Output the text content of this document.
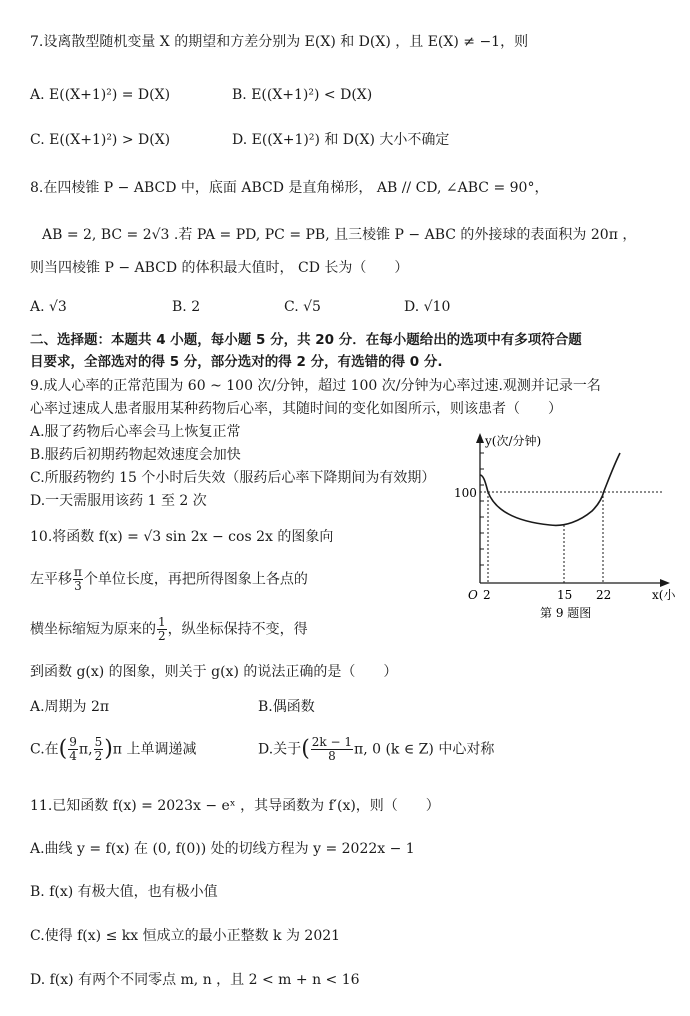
7.设离散型随机变量 X 的期望和方差分别为 E(X) 和 D(X) ，且 E(X) ≠ −1，则
A. E((X+1)²) = D(X)	B. E((X+1)²) < D(X)
C. E((X+1)²) > D(X)	D. E((X+1)²) 和 D(X) 大小不确定
8.在四棱锥 P − ABCD 中，底面 ABCD 是直角梯形， AB // CD, ∠ABC = 90°，
AB = 2, BC = 2√3 .若 PA = PD, PC = PB, 且三棱锥 P − ABC 的外接球的表面积为 20π ，
则当四棱锥 P − ABCD 的体积最大值时， CD 长为（　　）
A. √3	B. 2	C. √5	D. √10
二、选择题：本题共 4 小题，每小题 5 分，共 20 分．在每小题给出的选项中有多项符合题
目要求，全部选对的得 5 分，部分选对的得 2 分，有选错的得 0 分.
9.成人心率的正常范围为 60 ~ 100 次/分钟，超过 100 次/分钟为心率过速.观测并记录一名
心率过速成人患者服用某种药物后心率，其随时间的变化如图所示，则该患者（　　）
A.服了药物后心率会马上恢复正常
B.服药后初期药物起效速度会加快
C.所服药物约 15 个小时后失效（服药后心率下降期间为有效期）
D.一天需服用该药 1 至 2 次
y(次/分钟)
100
O 2	15 22	x(小
第 9 题图
10.将函数 f(x) = √3 sin 2x − cos 2x 的图象向
左平移 $\frac{\pi}{3}$ 个单位长度，再把所得图象上各点的
横坐标缩短为原来的 $\frac{1}{2}$ ，纵坐标保持不变，得
到函数 g(x) 的图象，则关于 g(x) 的说法正确的是（　　）
A.周期为 2π	B.偶函数
C.在( $\frac{9}{4} \pi$, $\frac{5}{2} )\pi$ 上单调递减	D.关于( $\frac{2k - 1}{8} \pi$, 0 (k ∈ Z) 中心对称
11.已知函数 f(x) = 2023x − eˣ ，其导函数为 f′(x)，则（　　）
A.曲线 y = f(x) 在 (0, f(0)) 处的切线方程为 y = 2022x − 1
B. f(x) 有极大值，也有极小值
C.使得 f(x) ≤ kx 恒成立的最小正整数 k 为 2021
D. f(x) 有两个不同零点 m, n ，且 2 < m + n < 16
